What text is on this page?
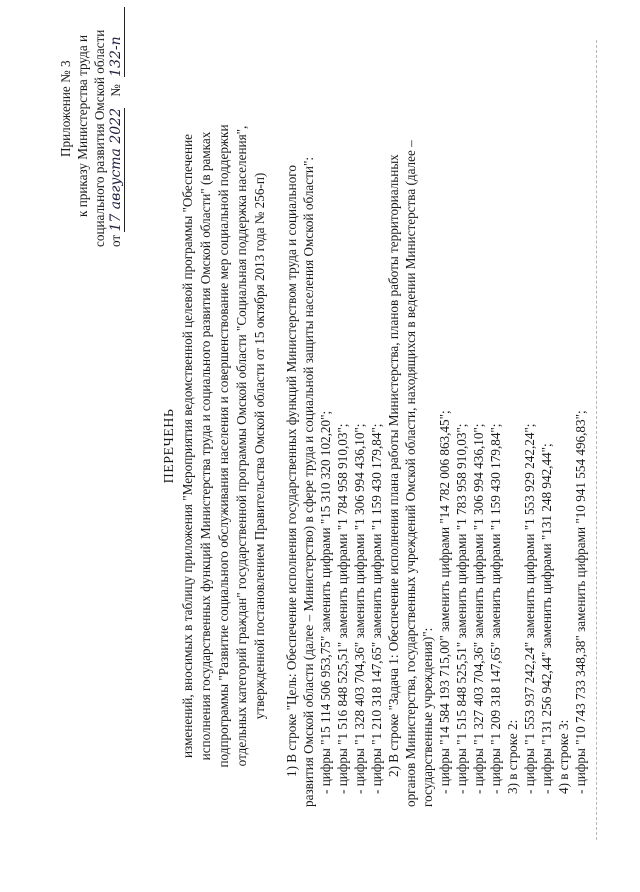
Приложение № 3 к приказу Министерства труда и социального развития Омской области от 17 августа 2022 № 132-п
ПЕРЕЧЕНЬ изменений, вносимых в таблицу приложения "Мероприятия ведомственной целевой программы "Обеспечение исполнения государственных функций Министерства труда и социального развития Омской области" (в рамках подпрограммы "Развитие социального обслуживания населения и совершенствование мер социальной поддержки отдельных категорий граждан" государственной программы Омской области "Социальная поддержка населения", утвержденной постановлением Правительства Омской области от 15 октября 2013 года № 256-п) 1) В строке "Цель: Обеспечение исполнения государственных функций Министерством труда и социального развития Омской области (далее – Министерство) в сфере труда и социальной защиты населения Омской области": - цифры "15 114 506 953,75" заменить цифрами "15 310 320 102,20"; - цифры "1 516 848 525,51" заменить цифрами "1 784 958 910,03"; - цифры "1 328 403 704,36" заменить цифрами "1 306 994 436,10"; - цифры "1 210 318 147,65" заменить цифрами "1 159 430 179,84"; 2) В строке "Задача 1: Обеспечение исполнения плана работы Министерства, планов работы территориальных органов Министерства, государственных учреждений Омской области, находящихся в ведении Министерства (далее – государственные учреждения)": - цифры "14 584 193 715,00" заменить цифрами "14 782 006 863,45"; - цифры "1 515 848 525,51" заменить цифрами "1 783 958 910,03"; - цифры "1 327 403 704,36" заменить цифрами "1 306 994 436,10"; - цифры "1 209 318 147,65" заменить цифрами "1 159 430 179,84"; 3) в строке 2: - цифры "1 553 937 242,24" заменить цифрами "1 553 929 242,24"; - цифры "131 256 942,44" заменить цифрами "131 248 942,44"; 4) в строке 3: - цифры "10 743 733 348,38" заменить цифрами "10 941 554 496,83";
